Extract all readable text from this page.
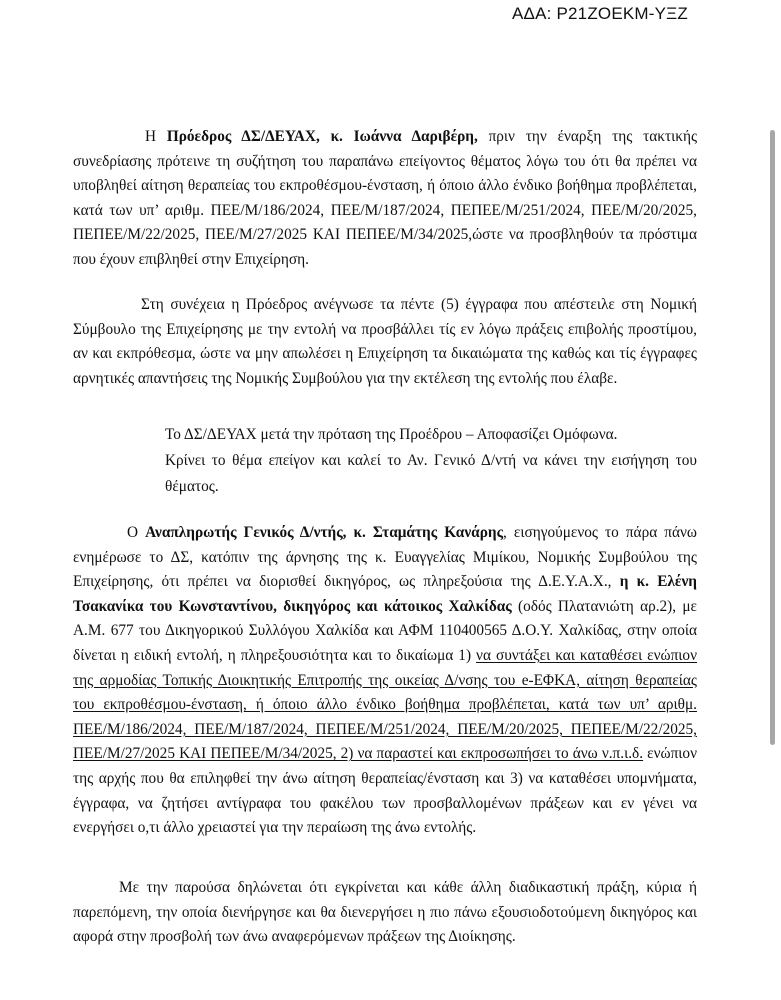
ΑΔΑ: Ρ21ΖΟΕΚΜ-ΥΞΖ

Η Πρόεδρος ΔΣ/ΔΕΥΑΧ, κ. Ιωάννα Δαριβέρη, πριν την έναρξη της τακτικής

συνεδρίασης πρότεινε τη συζήτηση του παραπάνω επείγοντος θέματος λόγω του ότι θα πρέπει να

υποβληθεί αίτηση θεραπείας του εκπροθέσμου-ένσταση, ή όποιο άλλο ένδικο βοήθημα προβλέπεται,

κατά των υπ’ αριθμ. ΠΕΕ/Μ/186/2024, ΠΕΕ/Μ/187/2024, ΠΕΠΕΕ/Μ/251/2024, ΠΕΕ/Μ/20/2025,

ΠΕΠΕΕ/Μ/22/2025, ΠΕΕ/Μ/27/2025 ΚΑΙ ΠΕΠΕΕ/Μ/34/2025,ώστε να προσβληθούν τα πρόστιμα

που έχουν επιβληθεί στην Επιχείρηση.

Στη συνέχεια η Πρόεδρος ανέγνωσε τα πέντε (5) έγγραφα που απέστειλε στη Νομική

Σύμβουλο της Επιχείρησης με την εντολή να προσβάλλει τίς εν λόγω πράξεις επιβολής προστίμου,

αν και εκπρόθεσμα, ώστε να μην απωλέσει η Επιχείρηση τα δικαιώματα της καθώς και τίς έγγραφες

αρνητικές απαντήσεις της Νομικής Συμβούλου για την εκτέλεση της εντολής που έλαβε.

Το ΔΣ/ΔΕΥΑΧ μετά την πρόταση της Προέδρου – Αποφασίζει Ομόφωνα.
Κρίνει το θέμα επείγον και καλεί το Αν. Γενικό Δ/ντή να κάνει την εισήγηση του
θέματος.

Ο Αναπληρωτής Γενικός Δ/ντής, κ. Σταμάτης Κανάρης, εισηγούμενος το πάρα πάνω

ενημέρωσε το ΔΣ, κατόπιν της άρνησης της κ. Ευαγγελίας Μιμίκου, Νομικής Συμβούλου της

Επιχείρησης, ότι πρέπει να διορισθεί δικηγόρος, ως πληρεξούσια της Δ.Ε.Υ.Α.Χ., η κ. Ελένη

Τσακανίκα του Κωνσταντίνου, δικηγόρος και κάτοικος Χαλκίδας (οδός Πλατανιώτη αρ.2), με

Α.Μ. 677 του Δικηγορικού Συλλόγου Χαλκίδα και ΑΦΜ 110400565 Δ.Ο.Υ. Χαλκίδας, στην οποία

δίνεται η ειδική εντολή, η πληρεξουσιότητα και το δικαίωμα 1) να συντάξει και καταθέσει ενώπιον

της αρμοδίας Τοπικής Διοικητικής Επιτροπής της οικείας Δ/νσης του e-ΕΦΚΑ, αίτηση θεραπείας

του εκπροθέσμου-ένσταση, ή όποιο άλλο ένδικο βοήθημα προβλέπεται, κατά των υπ’ αριθμ.

ΠΕΕ/Μ/186/2024, ΠΕΕ/Μ/187/2024, ΠΕΠΕΕ/Μ/251/2024, ΠΕΕ/Μ/20/2025, ΠΕΠΕΕ/Μ/22/2025,

ΠΕΕ/Μ/27/2025 ΚΑΙ ΠΕΠΕΕ/Μ/34/2025, 2) να παραστεί και εκπροσωπήσει το άνω ν.π.ι.δ. ενώπιον

της αρχής που θα επιληφθεί την άνω αίτηση θεραπείας/ένσταση και 3) να καταθέσει υπομνήματα,

έγγραφα, να ζητήσει αντίγραφα του φακέλου των προσβαλλομένων πράξεων και εν γένει να

ενεργήσει ο,τι άλλο χρειαστεί για την περαίωση της άνω εντολής.

Με την παρούσα δηλώνεται ότι εγκρίνεται και κάθε άλλη διαδικαστική πράξη, κύρια ή

παρεπόμενη, την οποία διενήργησε και θα διενεργήσει η πιο πάνω εξουσιοδοτούμενη δικηγόρος και

αφορά στην προσβολή των άνω αναφερόμενων πράξεων της Διοίκησης.
